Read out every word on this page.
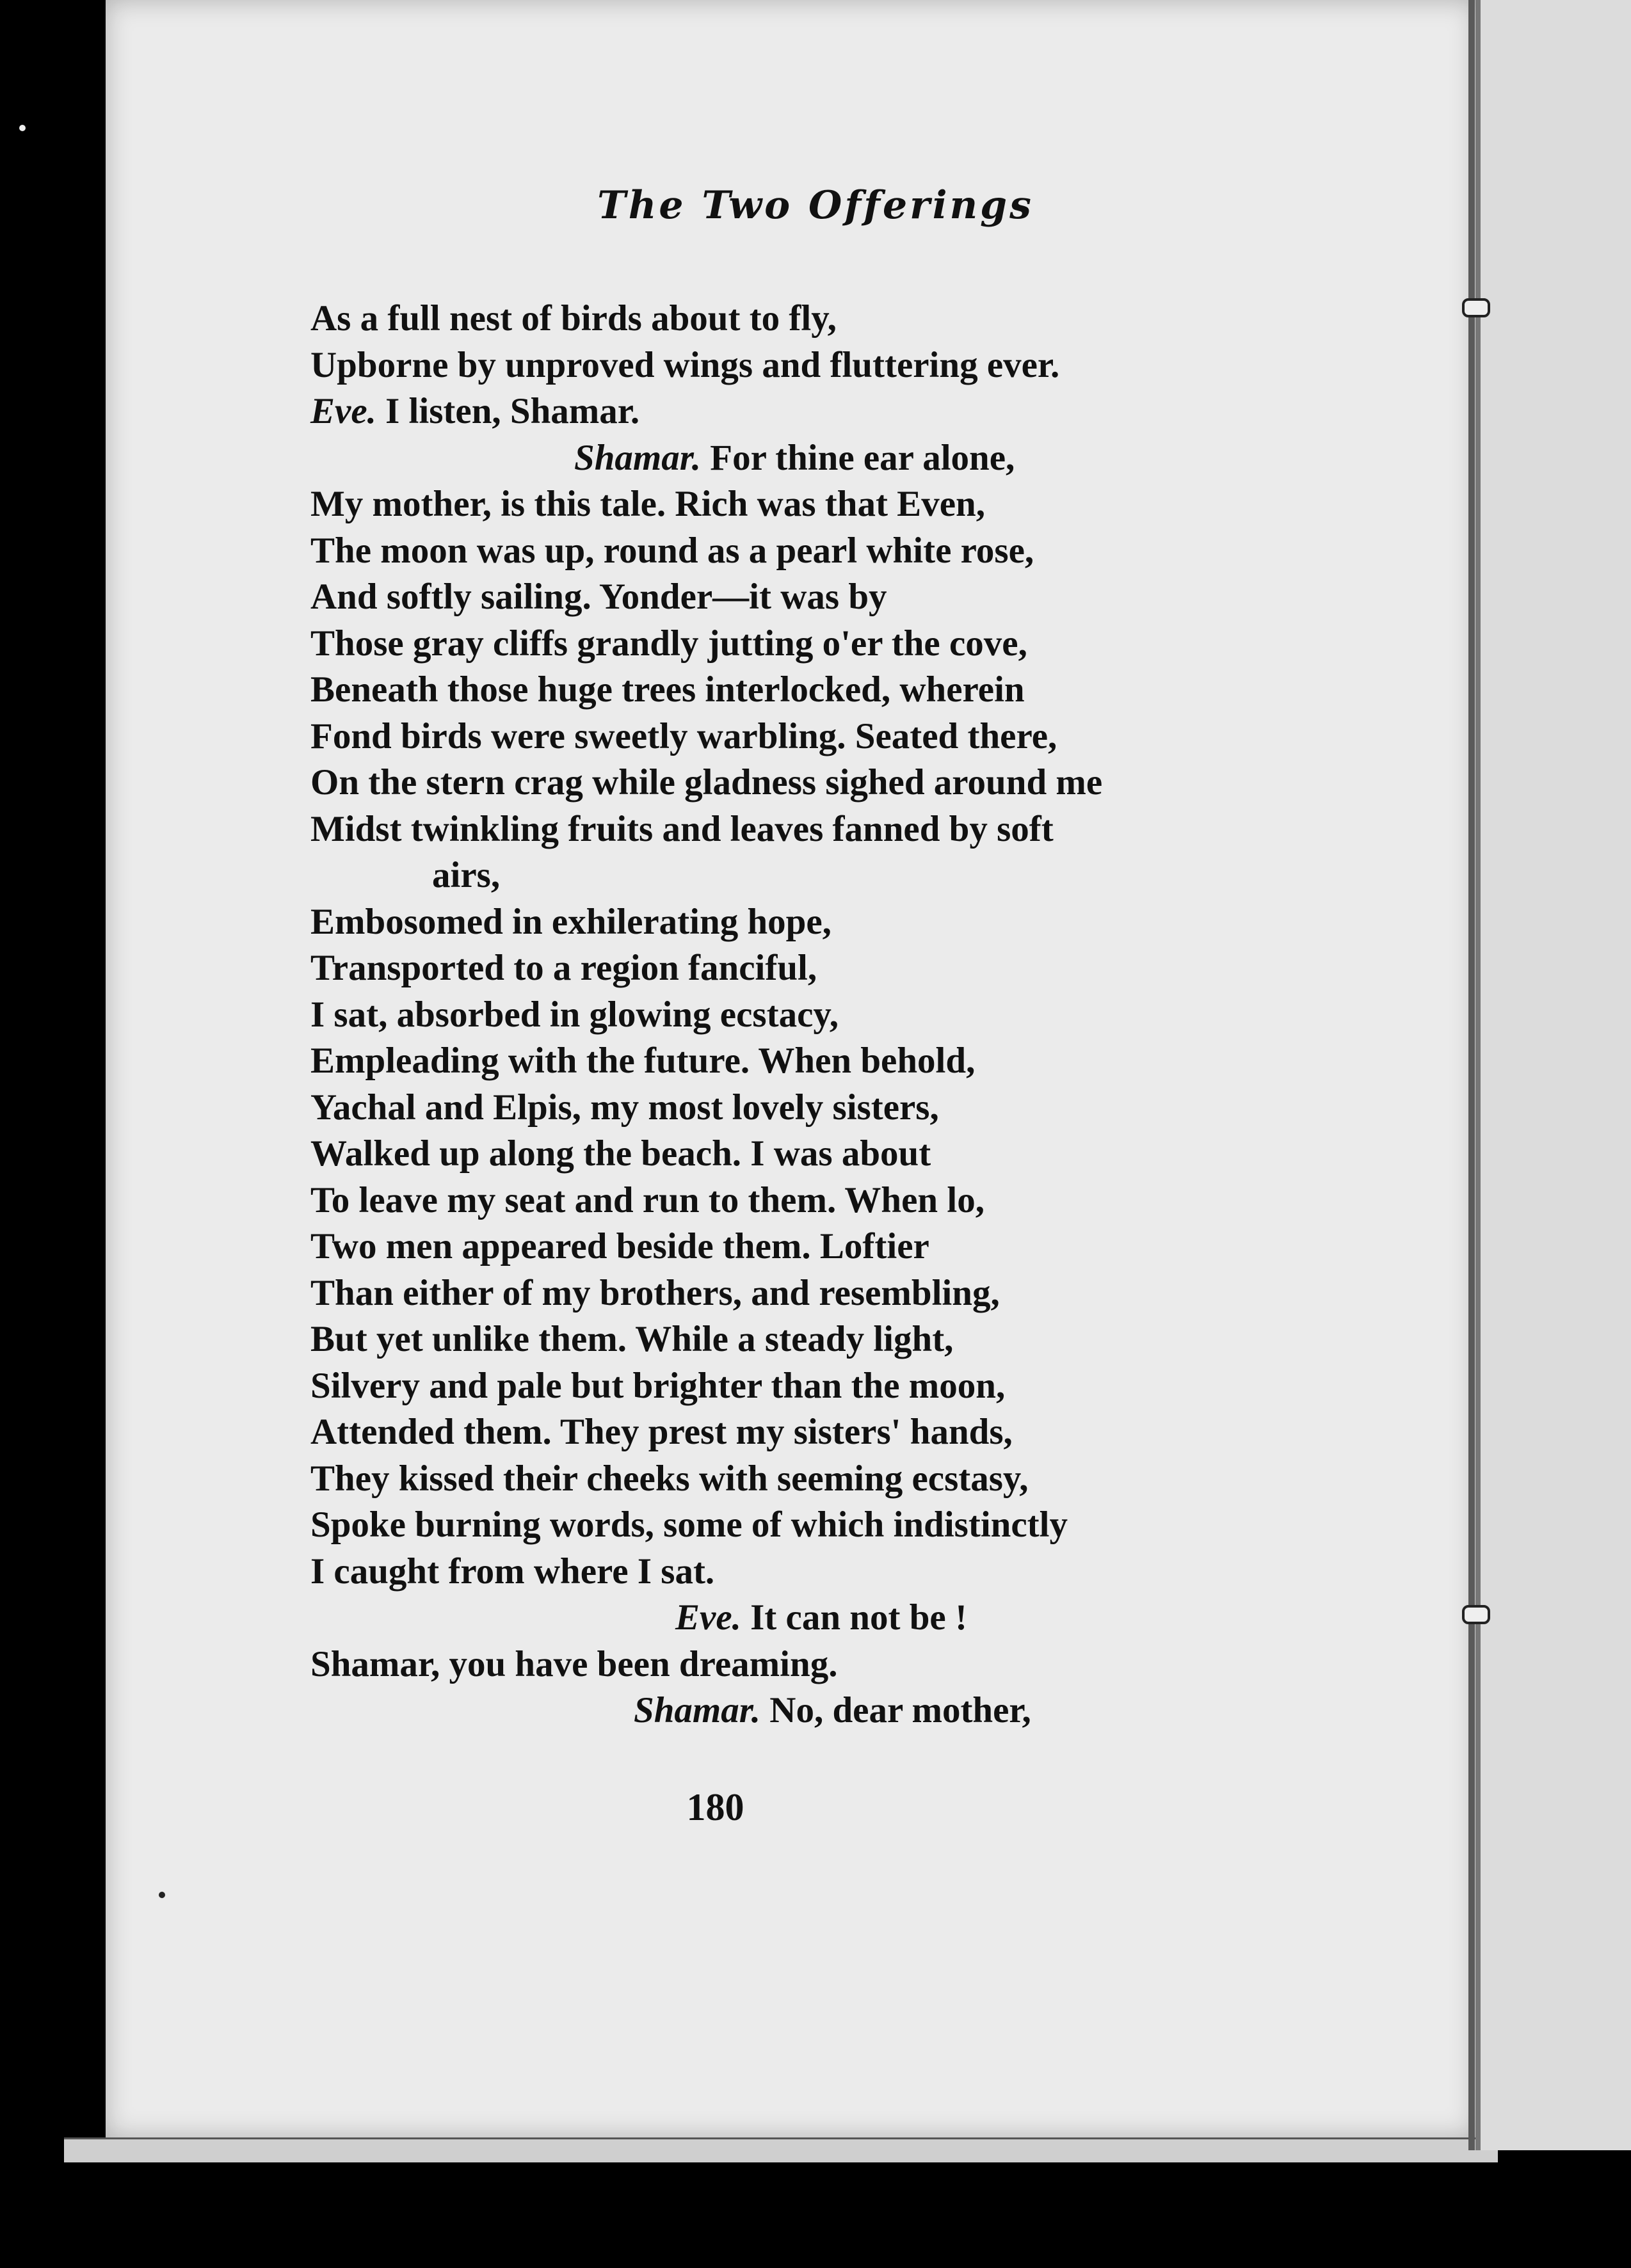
The Two Offerings
As a full nest of birds about to fly,
Upborne by unproved wings and fluttering ever.
Eve. I listen, Shamar.
Shamar. For thine ear alone,
My mother, is this tale. Rich was that Even,
The moon was up, round as a pearl white rose,
And softly sailing. Yonder—it was by
Those gray cliffs grandly jutting o'er the cove,
Beneath those huge trees interlocked, wherein
Fond birds were sweetly warbling. Seated there,
On the stern crag while gladness sighed around me
Midst twinkling fruits and leaves fanned by soft
airs,
Embosomed in exhilerating hope,
Transported to a region fanciful,
I sat, absorbed in glowing ecstacy,
Empleading with the future. When behold,
Yachal and Elpis, my most lovely sisters,
Walked up along the beach. I was about
To leave my seat and run to them. When lo,
Two men appeared beside them. Loftier
Than either of my brothers, and resembling,
But yet unlike them. While a steady light,
Silvery and pale but brighter than the moon,
Attended them. They prest my sisters' hands,
They kissed their cheeks with seeming ecstasy,
Spoke burning words, some of which indistinctly
I caught from where I sat.
Eve. It can not be !
Shamar, you have been dreaming.
Shamar. No, dear mother,
180
